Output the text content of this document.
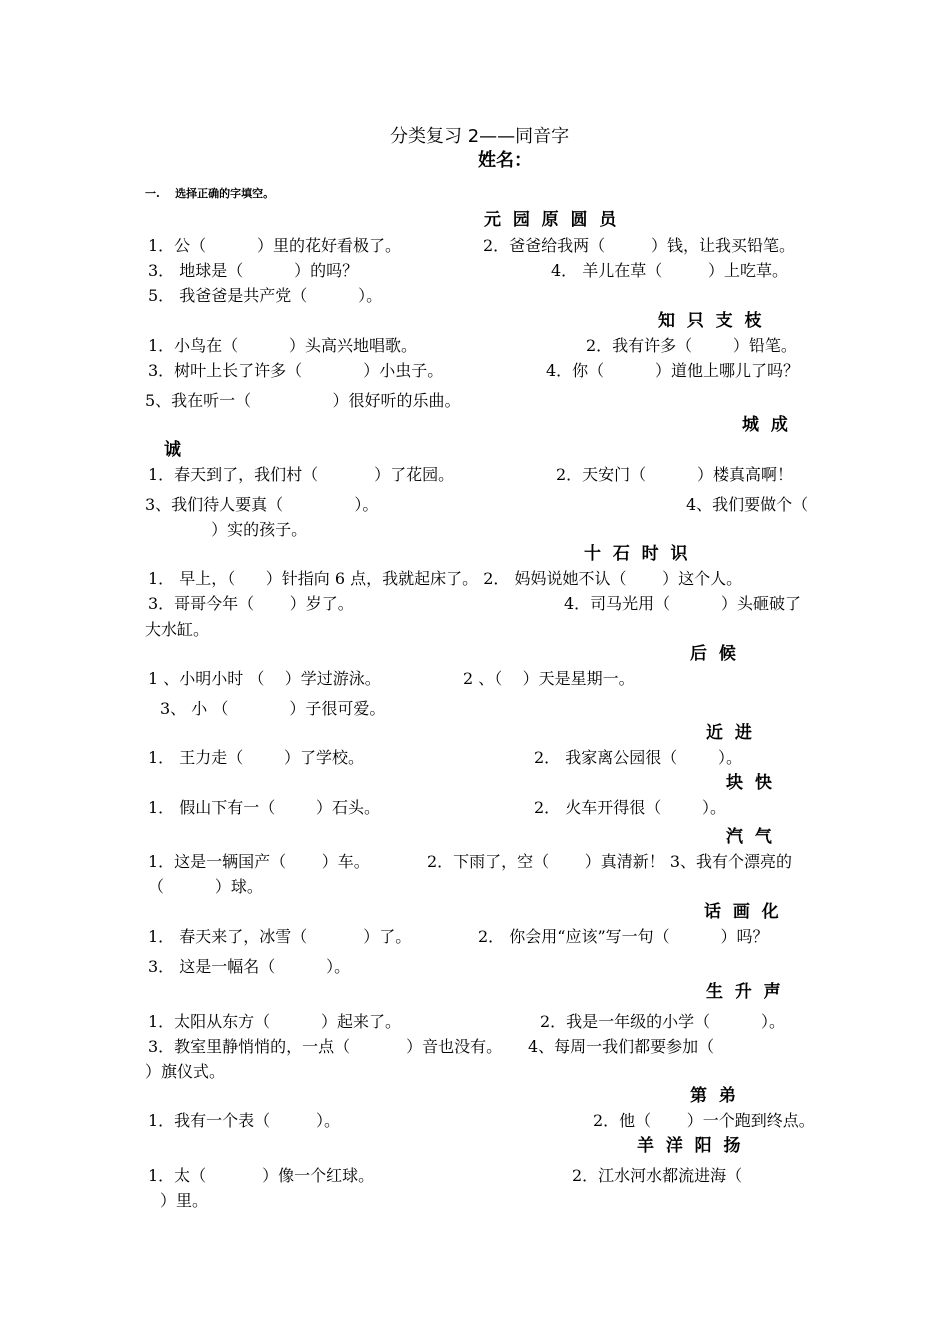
分类复习 2——同音字
姓名：
一.    选择正确的字填空。
元  园  原  圆  员
1．公（          ）里的花好看极了。	2．爸爸给我两（         ）钱，让我买铅笔。
3． 地球是（          ）的吗？	4． 羊儿在草（         ）上吃草。
5． 我爸爸是共产党（          ）。
知  只  支  枝
1．小鸟在（          ）头高兴地唱歌。	2．我有许多（        ）铅笔。
3．树叶上长了许多（            ）小虫子。	4．你（          ）道他上哪儿了吗？
5、我在听一（                ）很好听的乐曲。
城  成
诚
1．春天到了，我们村（           ）了花园。	2．天安门（          ）楼真高啊！
3、我们待人要真（              ）。	4、我们要做个（
）实的孩子。
十  石  时  识
1． 早上，（      ）针指向 6 点，我就起床了。 2． 妈妈说她不认（       ）这个人。
3．哥哥今年（       ）岁了。	4．司马光用（          ）头砸破了
大水缸。
后  候
1 、小明小时 （    ）学过游泳。	2 、（    ）天是星期一。
3、 小 （            ）子很可爱。
近  进
1． 王力走（        ）了学校。	2． 我家离公园很（        ）。
块  快
1． 假山下有一（        ）石头。	2． 火车开得很（        ）。
汽  气
1．这是一辆国产（       ）车。	2．下雨了，空（       ）真清新！ 3、我有个漂亮的
（          ）球。
话  画  化
1． 春天来了，冰雪（           ）了。	2． 你会用“应该”写一句（          ）吗？
3． 这是一幅名（          ）。
生  升  声
1．太阳从东方（          ）起来了。	2．我是一年级的小学（          ）。
3．教室里静悄悄的，一点（           ）音也没有。 4、每周一我们都要参加（
）旗仪式。
第  弟
1．我有一个表（         ）。	2．他（       ）一个跑到终点。
羊  洋  阳  扬
1．太（           ）像一个红球。	2．江水河水都流进海（
）里。
